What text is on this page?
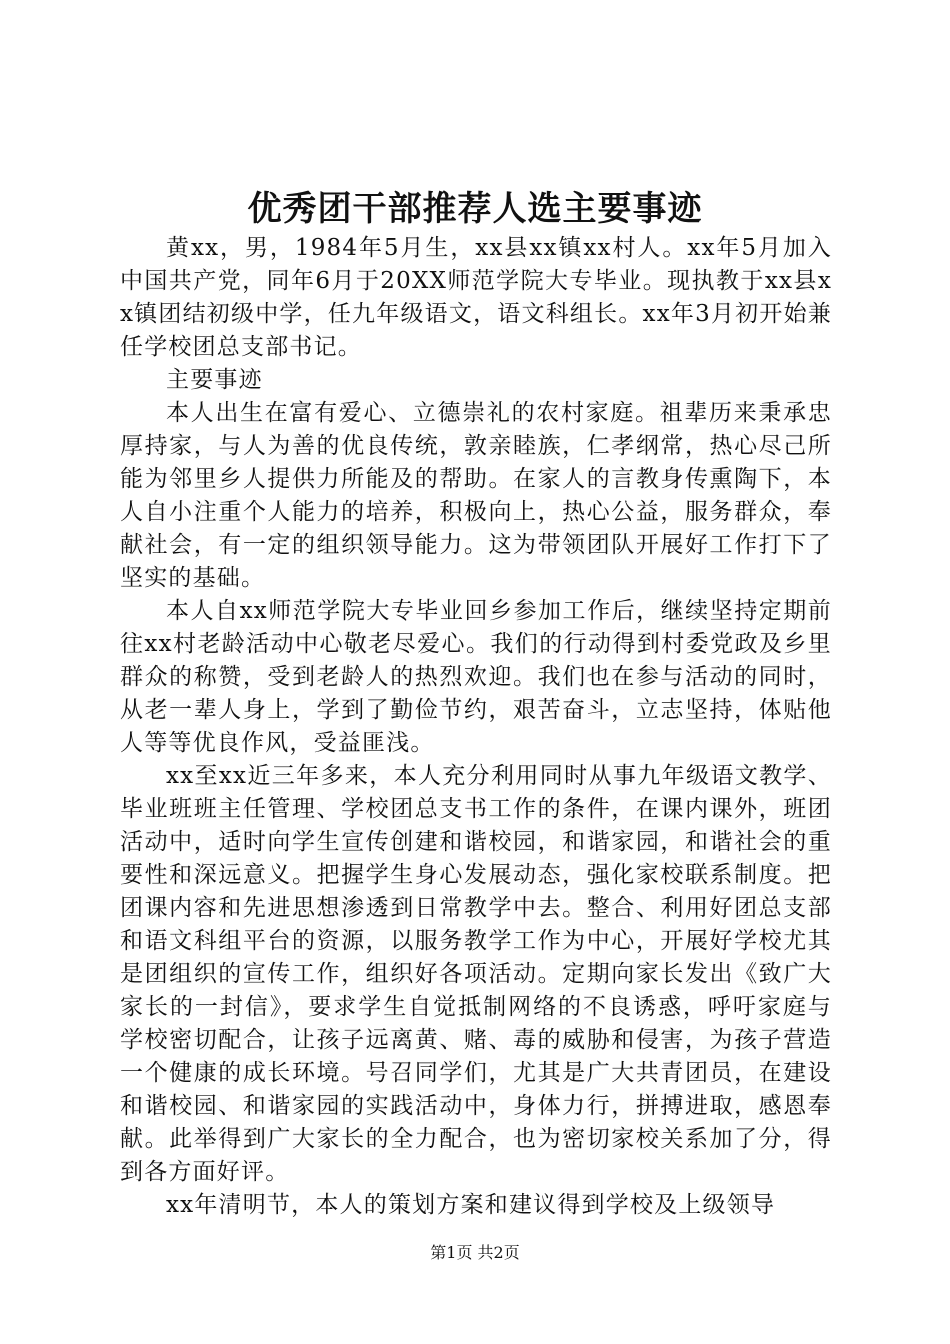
优秀团干部推荐人选主要事迹

黄xx，男，1984年5月生，xx县xx镇xx村人。xx年5月加入中国共产党，同年6月于20XX师范学院大专毕业。现执教于xx县xx镇团结初级中学，任九年级语文，语文科组长。xx年3月初开始兼任学校团总支部书记。

主要事迹

本人出生在富有爱心、立德崇礼的农村家庭。祖辈历来秉承忠厚持家，与人为善的优良传统，敦亲睦族，仁孝纲常，热心尽己所能为邻里乡人提供力所能及的帮助。在家人的言教身传熏陶下，本人自小注重个人能力的培养，积极向上，热心公益，服务群众，奉献社会，有一定的组织领导能力。这为带领团队开展好工作打下了坚实的基础。

本人自xx师范学院大专毕业回乡参加工作后，继续坚持定期前往xx村老龄活动中心敬老尽爱心。我们的行动得到村委党政及乡里群众的称赞，受到老龄人的热烈欢迎。我们也在参与活动的同时，从老一辈人身上，学到了勤俭节约，艰苦奋斗，立志坚持，体贴他人等等优良作风，受益匪浅。

xx至xx近三年多来，本人充分利用同时从事九年级语文教学、毕业班班主任管理、学校团总支书工作的条件，在课内课外，班团活动中，适时向学生宣传创建和谐校园，和谐家园，和谐社会的重要性和深远意义。把握学生身心发展动态，强化家校联系制度。把团课内容和先进思想渗透到日常教学中去。整合、利用好团总支部和语文科组平台的资源，以服务教学工作为中心，开展好学校尤其是团组织的宣传工作，组织好各项活动。定期向家长发出《致广大家长的一封信》，要求学生自觉抵制网络的不良诱惑，呼吁家庭与学校密切配合，让孩子远离黄、赌、毒的威胁和侵害，为孩子营造一个健康的成长环境。号召同学们，尤其是广大共青团员，在建设和谐校园、和谐家园的实践活动中，身体力行，拼搏进取，感恩奉献。此举得到广大家长的全力配合，也为密切家校关系加了分，得到各方面好评。

xx年清明节，本人的策划方案和建议得到学校及上级领导

第1页 共2页
